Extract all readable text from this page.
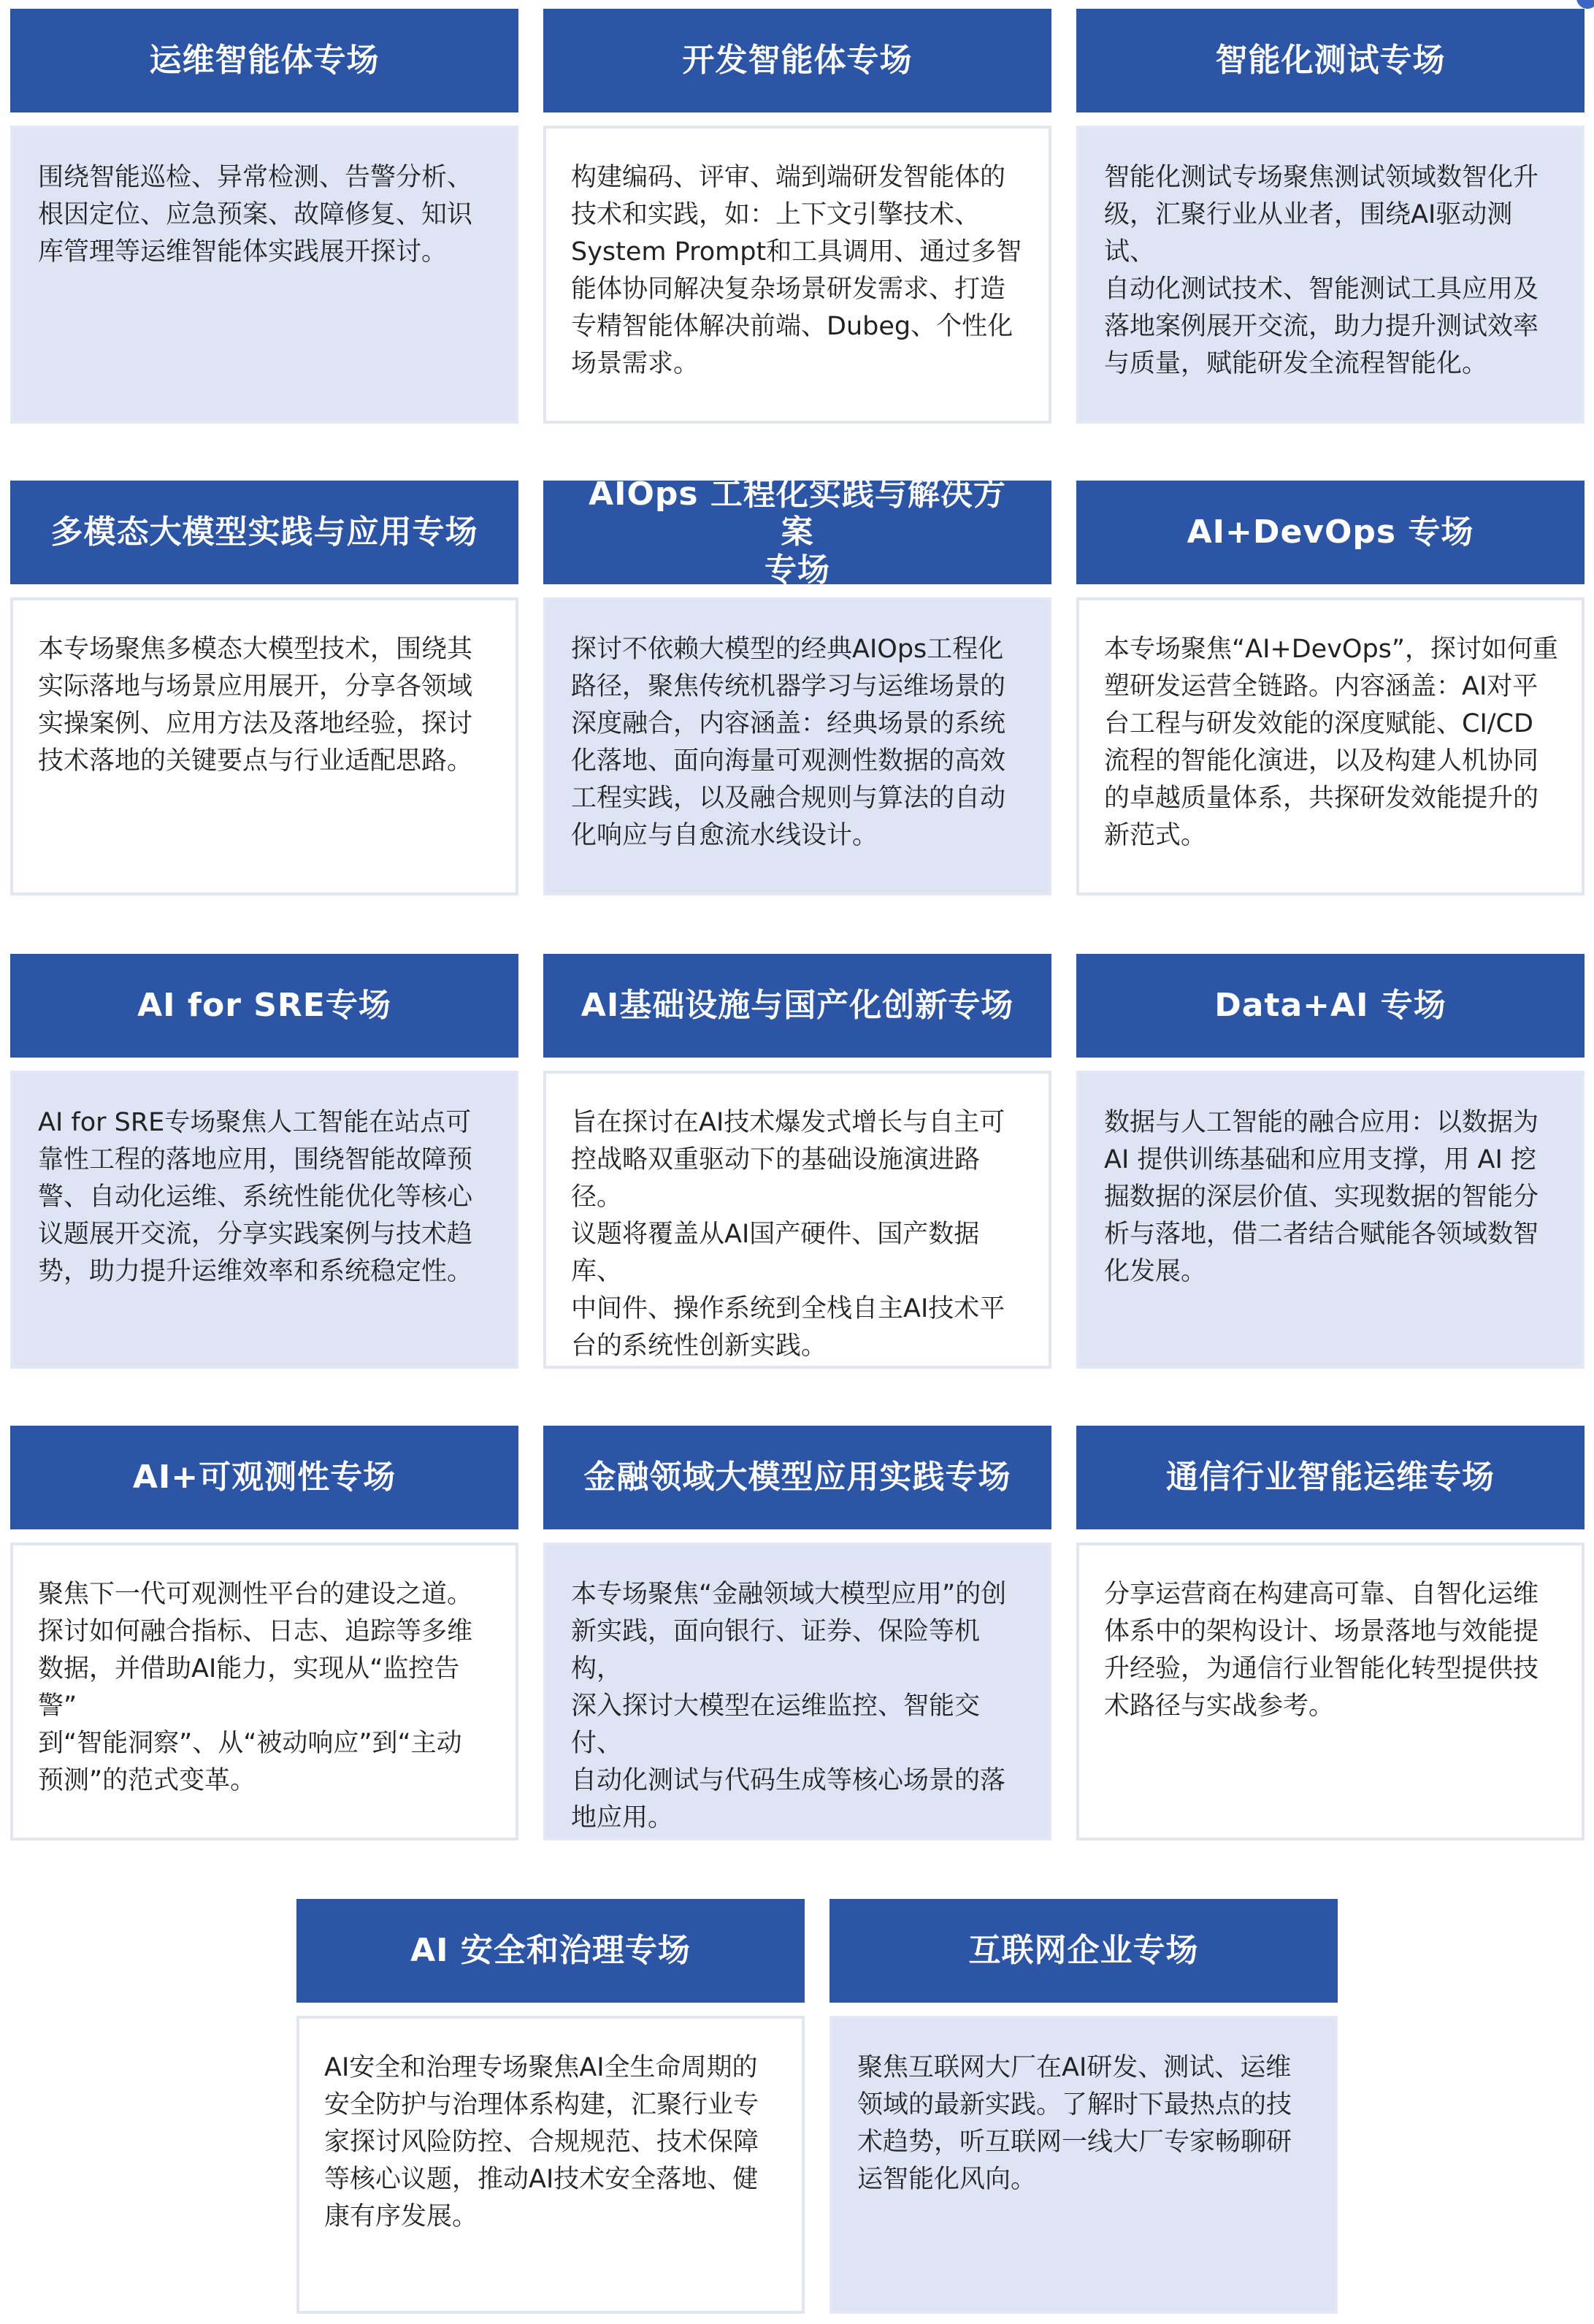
运维智能体专场
围绕智能巡检、异常检测、告警分析、
根因定位、应急预案、故障修复、知识
库管理等运维智能体实践展开探讨。
开发智能体专场
构建编码、评审、端到端研发智能体的
技术和实践，如：上下文引擎技术、
System Prompt和工具调用、通过多智
能体协同解决复杂场景研发需求、打造
专精智能体解决前端、Dubeg、个性化
场景需求。
智能化测试专场
智能化测试专场聚焦测试领域数智化升
级，汇聚行业从业者，围绕AI驱动测试、
自动化测试技术、智能测试工具应用及
落地案例展开交流，助力提升测试效率
与质量，赋能研发全流程智能化。
多模态大模型实践与应用专场
本专场聚焦多模态大模型技术，围绕其
实际落地与场景应用展开，分享各领域
实操案例、应用方法及落地经验，探讨
技术落地的关键要点与行业适配思路。
AIOps 工程化实践与解决方案
专场
探讨不依赖大模型的经典AIOps工程化
路径，聚焦传统机器学习与运维场景的
深度融合，内容涵盖：经典场景的系统
化落地、面向海量可观测性数据的高效
工程实践，以及融合规则与算法的自动
化响应与自愈流水线设计。
AI+DevOps 专场
本专场聚焦“AI+DevOps”，探讨如何重
塑研发运营全链路。内容涵盖：AI对平
台工程与研发效能的深度赋能、CI/CD
流程的智能化演进，以及构建人机协同
的卓越质量体系，共探研发效能提升的
新范式。
AI for SRE专场
AI for SRE专场聚焦人工智能在站点可
靠性工程的落地应用，围绕智能故障预
警、自动化运维、系统性能优化等核心
议题展开交流，分享实践案例与技术趋
势，助力提升运维效率和系统稳定性。
AI基础设施与国产化创新专场
旨在探讨在AI技术爆发式增长与自主可
控战略双重驱动下的基础设施演进路径。
议题将覆盖从AI国产硬件、国产数据库、
中间件、操作系统到全栈自主AI技术平
台的系统性创新实践。
Data+AI 专场
数据与人工智能的融合应用：以数据为
AI 提供训练基础和应用支撑，用 AI 挖
掘数据的深层价值、实现数据的智能分
析与落地，借二者结合赋能各领域数智
化发展。
AI+可观测性专场
聚焦下一代可观测性平台的建设之道。
探讨如何融合指标、日志、追踪等多维
数据，并借助AI能力，实现从“监控告警”
到“智能洞察”、从“被动响应”到“主动
预测”的范式变革。
金融领域大模型应用实践专场
本专场聚焦“金融领域大模型应用”的创
新实践，面向银行、证券、保险等机构，
深入探讨大模型在运维监控、智能交付、
自动化测试与代码生成等核心场景的落
地应用。
通信行业智能运维专场
分享运营商在构建高可靠、自智化运维
体系中的架构设计、场景落地与效能提
升经验，为通信行业智能化转型提供技
术路径与实战参考。
AI 安全和治理专场
AI安全和治理专场聚焦AI全生命周期的
安全防护与治理体系构建，汇聚行业专
家探讨风险防控、合规规范、技术保障
等核心议题，推动AI技术安全落地、健
康有序发展。
互联网企业专场
聚焦互联网大厂在AI研发、测试、运维
领域的最新实践。了解时下最热点的技
术趋势，听互联网一线大厂专家畅聊研
运智能化风向。
